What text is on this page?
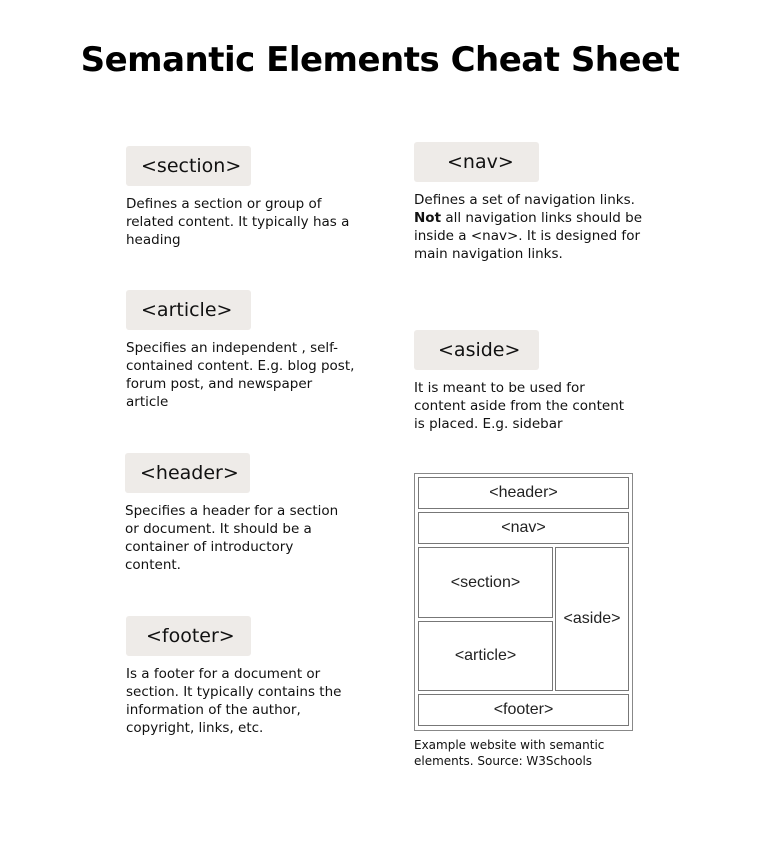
Semantic Elements Cheat Sheet
<section>

Defines a section or group of related content. It typically has a heading

<article>

Specifies an independent , self-contained content. E.g. blog post, forum post, and newspaper article

<header>

Specifies a header for a section or document. It should be a container of introductory content.

<footer>

Is a footer for a document or section. It typically contains the information of the author, copyright, links, etc.

<nav>

Defines a set of navigation links. Not all navigation links should be inside a <nav>. It is designed for main navigation links.

<aside>

It is meant to be used for content aside from the content is placed. E.g. sidebar

<header>
<nav>
<section>
<article>
<aside>
<footer>

Example website with semantic elements. Source: W3Schools
